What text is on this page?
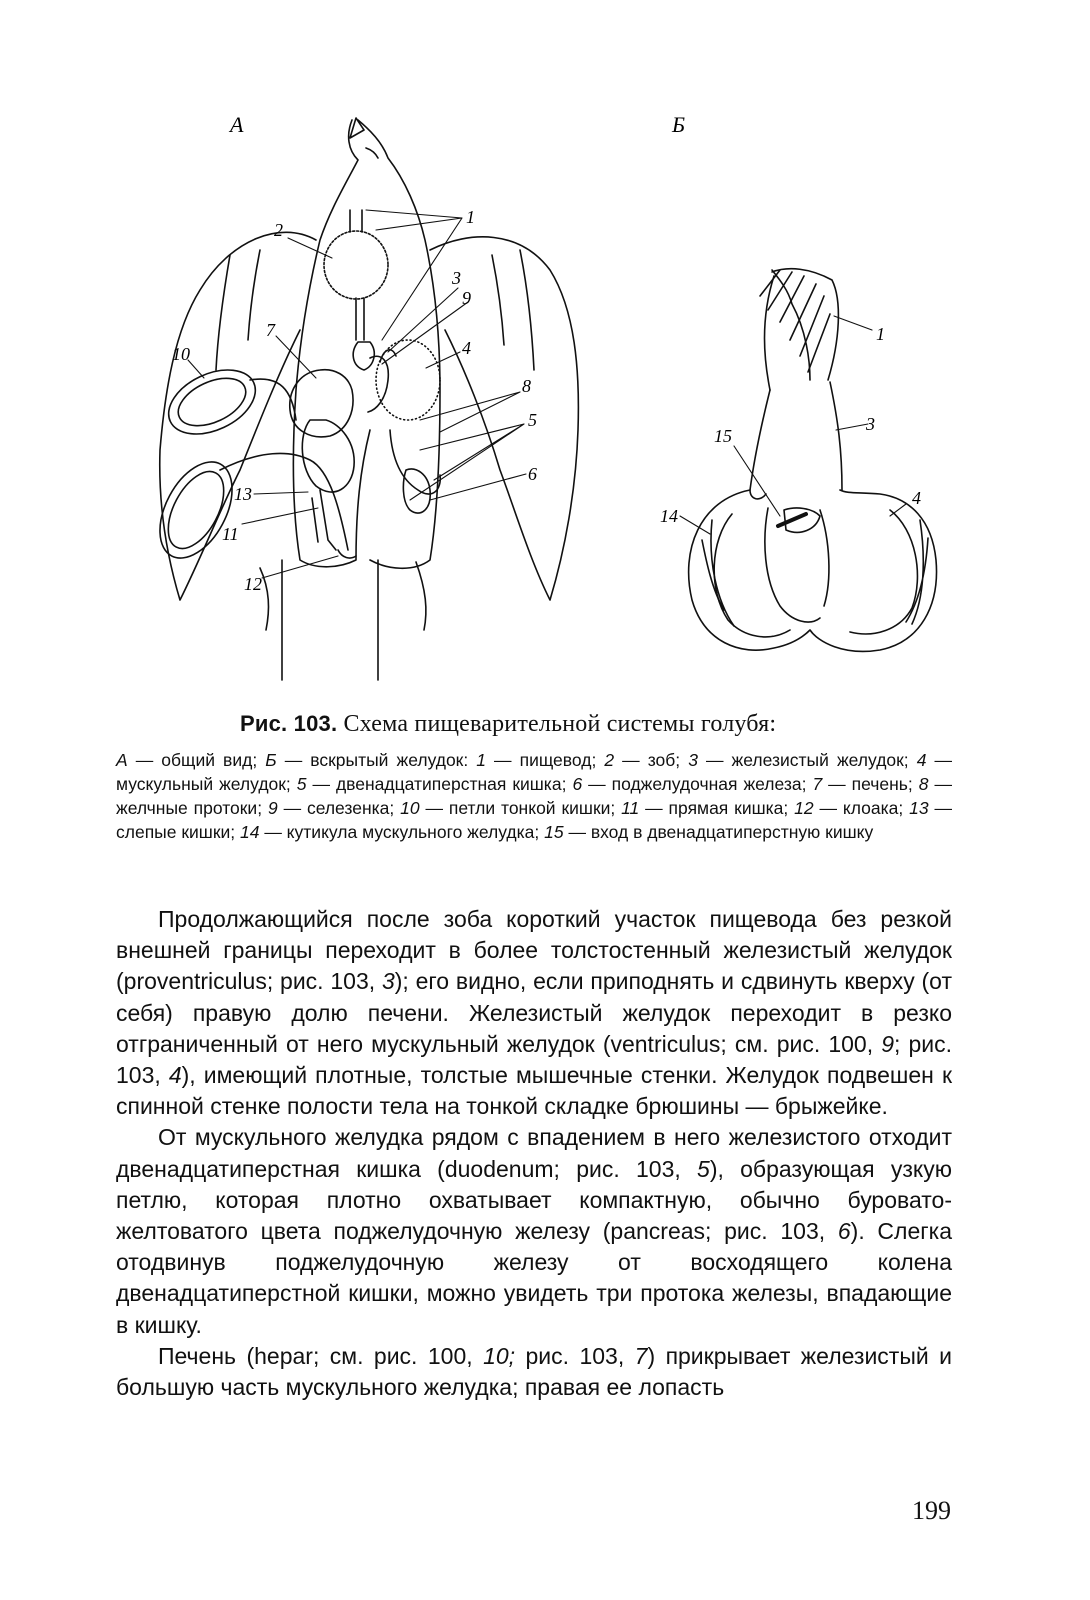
А	Б
1
2
3
9
4
8
5
6
7
10
13
11
12
1
3
15
4
14
Рис. 103. Схема пищеварительной системы голубя:
А — общий вид; Б — вскрытый желудок: 1 — пищевод; 2 — зоб; 3 — железистый желудок; 4 — мускульный желудок; 5 — двенадцатиперстная кишка; 6 — поджелудочная железа; 7 — печень; 8 — желчные протоки; 9 — селезенка; 10 — петли тонкой кишки; 11 — прямая кишка; 12 — клоака; 13 — слепые кишки; 14 — кутикула мускульного желудка; 15 — вход в двенадцатиперстную кишку

Продолжающийся после зоба короткий участок пищевода без резкой внешней границы переходит в более толстостенный железистый желудок (proventriculus; рис. 103, 3); его видно, если приподнять и сдвинуть кверху (от себя) правую долю печени. Железистый желудок переходит в резко отграниченный от него мускульный желудок (ventriculus; см. рис. 100, 9; рис. 103, 4), имеющий плотные, толстые мышечные стенки. Желудок подвешен к спинной стенке полости тела на тонкой складке брюшины — брыжейке.

От мускульного желудка рядом с впадением в него железистого отходит двенадцатиперстная кишка (duodenum; рис. 103, 5), образующая узкую петлю, которая плотно охватывает компактную, обычно буровато-желтоватого цвета поджелудочную железу (pancreas; рис. 103, 6). Слегка отодвинув поджелудочную железу от восходящего колена двенадцатиперстной кишки, можно увидеть три протока железы, впадающие в кишку.

Печень (hepar; см. рис. 100, 10; рис. 103, 7) прикрывает железистый и большую часть мускульного желудка; правая ее лопасть

199
